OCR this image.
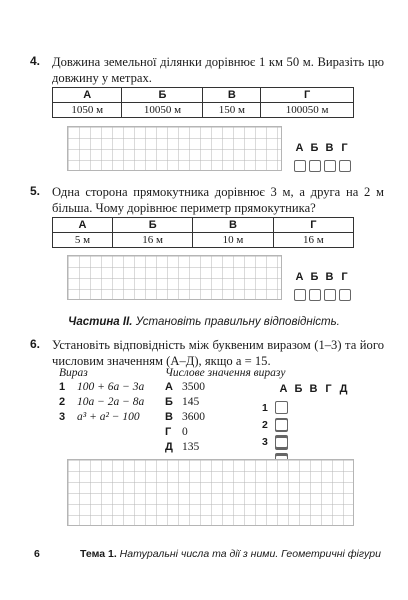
4. Довжина земельної ділянки дорівнює 1 км 50 м. Виразіть цю довжину у метрах.
А	Б	В	Г
1050 м	10050 м	150 м	100050 м
А Б В Г
5. Одна сторона прямокутника дорівнює 3 м, а друга на 2 м більша. Чому дорівнює периметр прямокутника?
А	Б	В	Г
5 м	16 м	10 м	16 м
А Б В Г
Частина II. Установіть правильну відповідність.
6. Установіть відповідність між буквеним виразом (1–3) та його числовим значенням (А–Д), якщо a = 15.
Вираз	Числове значення виразу
1 100 + 6a − 3a
2 10a − 2a − 8a
3 a³ + a² − 100
А 3500
Б 145
В 3600
Г 0
Д 135
А Б В Г Д
1
2
3
6	Тема 1. Натуральні числа та дії з ними. Геометричні фігури
